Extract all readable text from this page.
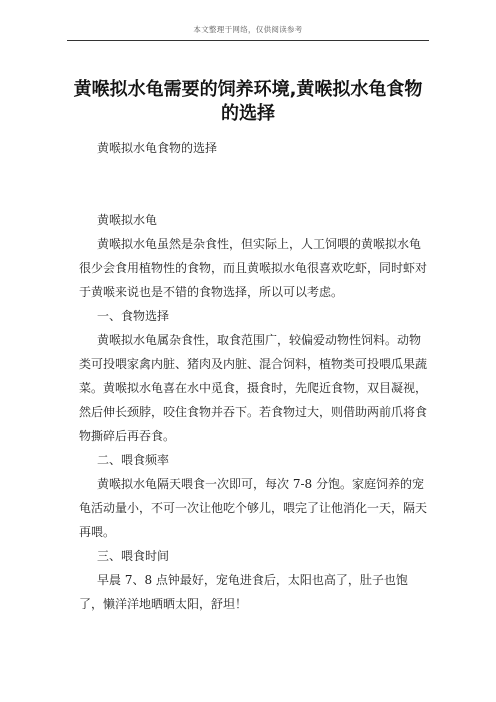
本文整理于网络，仅供阅读参考
黄喉拟水龟需要的饲养环境,黄喉拟水龟食物的选择
黄喉拟水龟食物的选择

黄喉拟水龟

黄喉拟水龟虽然是杂食性，但实际上，人工饲喂的黄喉拟水龟很少会食用植物性的食物，而且黄喉拟水龟很喜欢吃虾，同时虾对于黄喉来说也是不错的食物选择，所以可以考虑。

一、食物选择

黄喉拟水龟属杂食性，取食范围广，较偏爱动物性饲料。动物类可投喂家禽内脏、猪肉及内脏、混合饲料，植物类可投喂瓜果蔬菜。黄喉拟水龟喜在水中觅食，摄食时，先爬近食物，双目凝视，然后伸长颈脖，咬住食物并吞下。若食物过大，则借助两前爪将食物撕碎后再吞食。

二、喂食频率

黄喉拟水龟隔天喂食一次即可，每次 7-8 分饱。家庭饲养的宠龟活动量小，不可一次让他吃个够儿，喂完了让他消化一天，隔天再喂。

三、喂食时间

早晨 7、8 点钟最好，宠龟进食后，太阳也高了，肚子也饱了，懒洋洋地晒晒太阳，舒坦！
